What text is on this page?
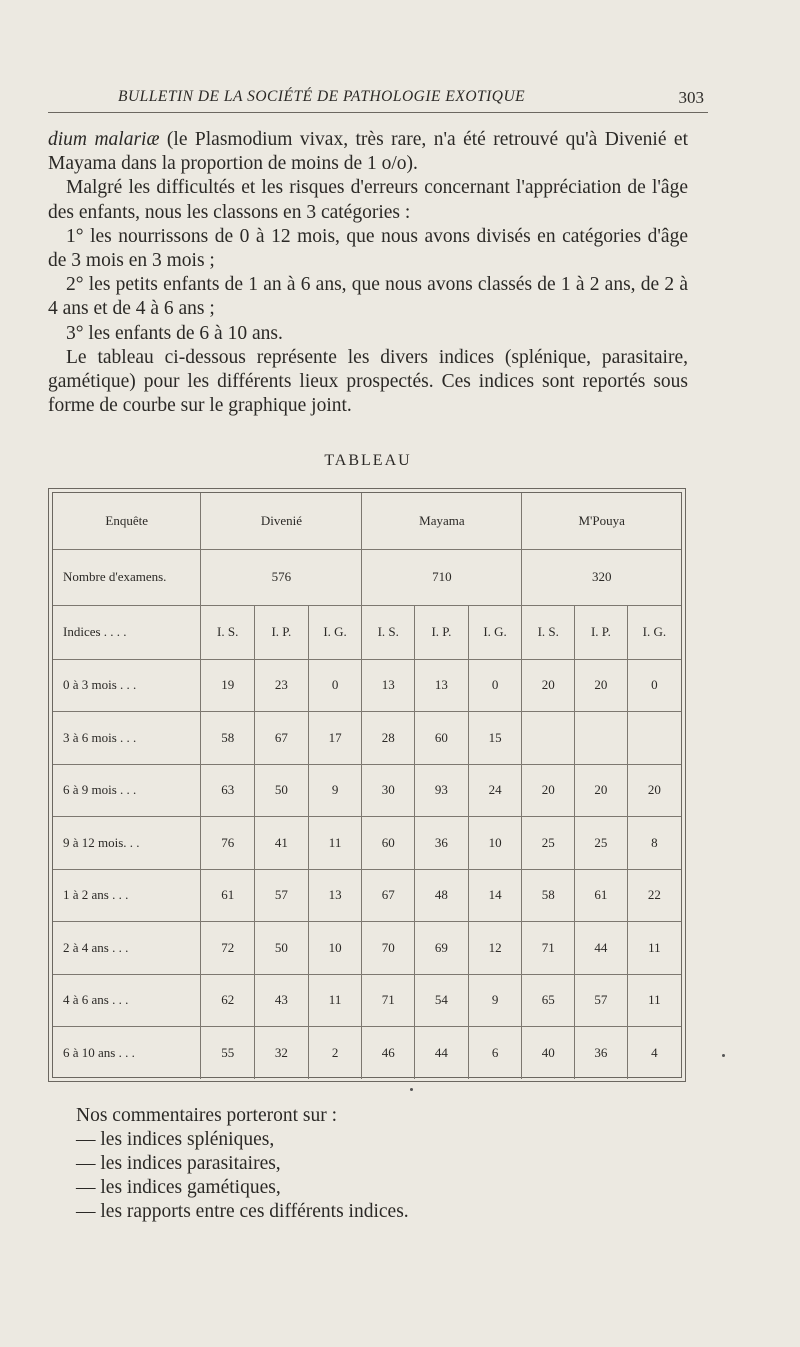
BULLETIN DE LA SOCIÉTÉ DE PATHOLOGIE EXOTIQUE	303

dium malariæ (le Plasmodium vivax, très rare, n'a été retrouvé qu'à Divenié et Mayama dans la proportion de moins de 1 o/o).

Malgré les difficultés et les risques d'erreurs concernant l'appréciation de l'âge des enfants, nous les classons en 3 catégories :

1° les nourrissons de 0 à 12 mois, que nous avons divisés en catégories d'âge de 3 mois en 3 mois ;

2° les petits enfants de 1 an à 6 ans, que nous avons classés de 1 à 2 ans, de 2 à 4 ans et de 4 à 6 ans ;

3° les enfants de 6 à 10 ans.

Le tableau ci-dessous représente les divers indices (splénique, parasitaire, gamétique) pour les différents lieux prospectés. Ces indices sont reportés sous forme de courbe sur le graphique joint.

TABLEAU
Enquête	Divenié			Mayama			M'Pouya		
Nombre d'examens.	576			710			320		
Indices . . . .	I. S.	I. P.	I. G.	I. S.	I. P.	I. G.	I. S.	I. P.	I. G.
0 à 3 mois . . .	19	23	0	13	13	0	20	20	0
3 à 6 mois . . .	58	67	17	28	60	15			
6 à 9 mois . . .	63	50	9	30	93	24	20	20	20
9 à 12 mois. . .	76	41	11	60	36	10	25	25	8
1 à 2 ans . . .	61	57	13	67	48	14	58	61	22
2 à 4 ans . . .	72	50	10	70	69	12	71	44	11
4 à 6 ans . . .	62	43	11	71	54	9	65	57	11
6 à 10 ans . . .	55	32	2	46	44	6	40	36	4

Nos commentaires porteront sur :

— les indices spléniques,

— les indices parasitaires,

— les indices gamétiques,

— les rapports entre ces différents indices.
